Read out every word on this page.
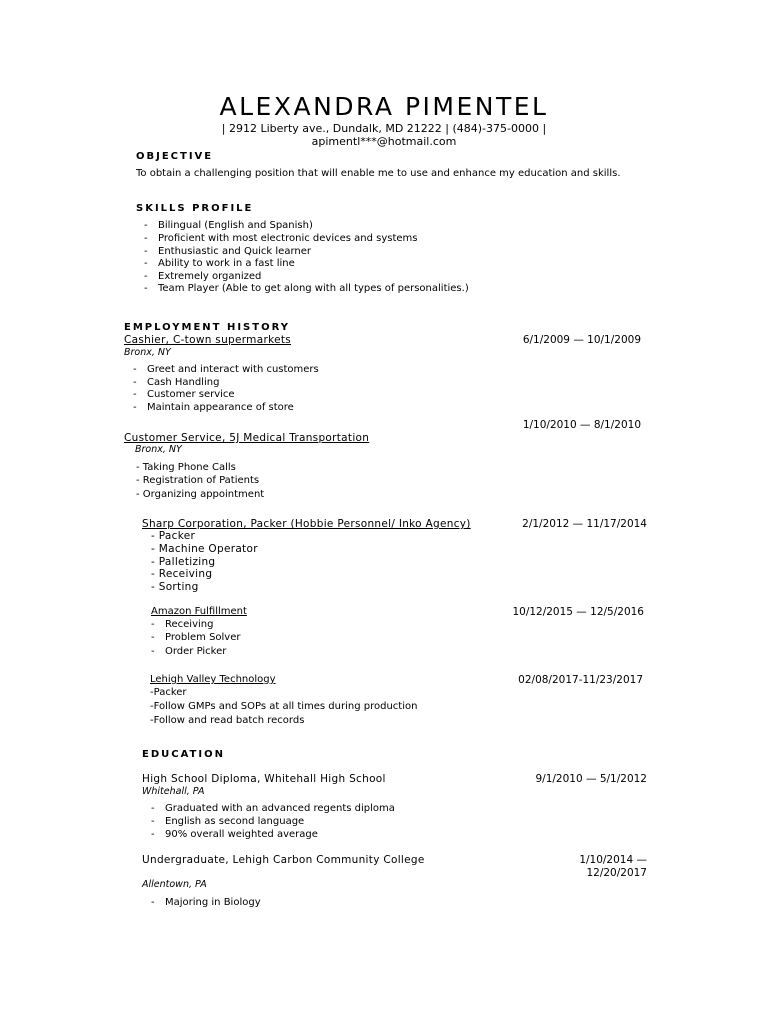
ALEXANDRA PIMENTEL
| 2912 Liberty ave., Dundalk, MD 21222 | (484)-375-0000 |
apimentl***@hotmail.com
OBJECTIVE
To obtain a challenging position that will enable me to use and enhance my education and skills.
SKILLS PROFILE
- Bilingual (English and Spanish)
- Proficient with most electronic devices and systems
- Enthusiastic and Quick learner
- Ability to work in a fast line
- Extremely organized
- Team Player (Able to get along with all types of personalities.)
EMPLOYMENT HISTORY
Cashier, C-town supermarkets	6/1/2009 — 10/1/2009
Bronx, NY
- Greet and interact with customers
- Cash Handling
- Customer service
- Maintain appearance of store
1/10/2010 — 8/1/2010
Customer Service, 5J Medical Transportation
Bronx, NY
- Taking Phone Calls
- Registration of Patients
- Organizing appointment
Sharp Corporation, Packer (Hobbie Personnel/ Inko Agency)	2/1/2012 — 11/17/2014
- Packer
- Machine Operator
- Palletizing
- Receiving
- Sorting
Amazon Fulfillment	10/12/2015 — 12/5/2016
- Receiving
- Problem Solver
- Order Picker
Lehigh Valley Technology	02/08/2017-11/23/2017
-Packer
-Follow GMPs and SOPs at all times during production
-Follow and read batch records
EDUCATION
High School Diploma, Whitehall High School	9/1/2010 — 5/1/2012
Whitehall, PA
- Graduated with an advanced regents diploma
- English as second language
- 90% overall weighted average
Undergraduate, Lehigh Carbon Community College	1/10/2014 —
12/20/2017
Allentown, PA
- Majoring in Biology
